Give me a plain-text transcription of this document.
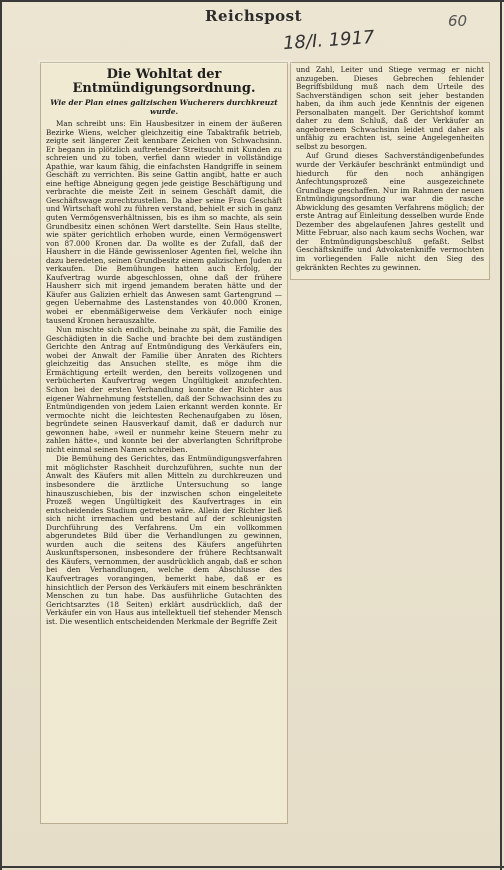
Reichspost
18/I. 1917
60
Die Wohltat der
Entmündigungsordnung.
Wie der Plan eines galizischen Wucherers durchkreuzt
wurde.

Man schreibt uns: Ein Hausbesitzer in einem der äußeren Bezirke Wiens, welcher gleichzeitig eine Tabaktrafik betrieb, zeigte seit längerer Zeit kennbare Zeichen von Schwachsinn. Er begann in plötzlich auftretender Streitsucht mit Kunden zu schreien und zu toben, verfiel dann wieder in vollständige Apathie, war kaum fähig, die einfachsten Handgriffe in seinem Geschäft zu verrichten. Bis seine Gattin angibt, hatte er auch eine heftige Abneigung gegen jede geistige Beschäftigung und verbrachte die meiste Zeit in seinem Geschäft damit, die Geschäftswage zurechtzustellen. Da aber seine Frau Geschäft und Wirtschaft wohl zu führen verstand, behielt er sich in ganz guten Vermögensverhältnissen, bis es ihm so machte, als sein Grundbesitz einen schönen Wert darstellte. Sein Haus stellte, wie später gerichtlich erhoben wurde, einen Vermögenswert von 87.000 Kronen dar. Da wollte es der Zufall, daß der Hausherr in die Hände gewissenloser Agenten fiel, welche ihn dazu beredeten, seinen Grundbesitz einem galizischen Juden zu verkaufen. Die Bemühungen hatten auch Erfolg, der Kaufvertrag wurde abgeschlossen, ohne daß der frühere Hausherr sich mit irgend jemandem beraten hätte und der Käufer aus Galizien erhielt das Anwesen samt Gartengrund — gegen Uebernahme des Lastenstandes von 40.000 Kronen, wobei er ebenmäßigerweise dem Verkäufer noch einige tausend Kronen herauszahlte.

Nun mischte sich endlich, beinahe zu spät, die Familie des Geschädigten in die Sache und brachte bei dem zuständigen Gerichte den Antrag auf Entmündigung des Verkäufers ein, wobei der Anwalt der Familie über Anraten des Richters gleichzeitig das Ansuchen stellte, es möge ihm die Ermächtigung erteilt werden, den bereits vollzogenen und verbücherten Kaufvertrag wegen Ungültigkeit anzufechten. Schon bei der ersten Verhandlung konnte der Richter aus eigener Wahrnehmung feststellen, daß der Schwachsinn des zu Entmündigenden von jedem Laien erkannt werden konnte. Er vermochte nicht die leichtesten Rechenaufgaben zu lösen, begründete seinen Hausverkauf damit, daß er dadurch nur gewonnen habe, »weil er nunmehr keine Steuern mehr zu zahlen hätte«, und konnte bei der abverlangten Schriftprobe nicht einmal seinen Namen schreiben.

Die Bemühung des Gerichtes, das Entmündigungsverfahren mit möglichster Raschheit durchzuführen, suchte nun der Anwalt des Käufers mit allen Mitteln zu durchkreuzen und insbesondere die ärztliche Untersuchung so lange hinauszuschieben, bis der inzwischen schon eingeleitete Prozeß wegen Ungültigkeit des Kaufvertrages in ein entscheidendes Stadium getreten wäre. Allein der Richter ließ sich nicht irremachen und bestand auf der schleunigsten Durchführung des Verfahrens. Um ein vollkommen abgerundetes Bild über die Verhandlungen zu gewinnen, wurden auch die seitens des Käufers angeführten Auskunftspersonen, insbesondere der frühere Rechtsanwalt des Käufers, vernommen, der ausdrücklich angab, daß er schon bei den Verhandlungen, welche dem Abschlusse des Kaufvertrages vorangingen, bemerkt habe, daß er es hinsichtlich der Person des Verkäufers mit einem beschränkten Menschen zu tun habe. Das ausführliche Gutachten des Gerichtsarztes (18 Seiten) erklärt ausdrücklich, daß der Verkäufer ein von Haus aus intellektuell tief stehender Mensch ist. Die wesentlich entscheidenden Merkmale der Begriffe Zeit

und Zahl, Leiter und Stiege vermag er nicht anzugeben. Dieses Gebrechen fehlender Begriffsbildung muß nach dem Urteile des Sachverständigen schon seit jeher bestanden haben, da ihm auch jede Kenntnis der eigenen Personalbaten mangelt. Der Gerichtshof kommt daher zu dem Schluß, daß der Verkäufer an angeborenem Schwachsinn leidet und daher als unfähig zu erachten ist, seine Angelegenheiten selbst zu besorgen.

Auf Grund dieses Sachverständigenbefundes wurde der Verkäufer beschränkt entmündigt und hiedurch für den noch anhängigen Anfechtungsprozeß eine ausgezeichnete Grundlage geschaffen. Nur im Rahmen der neuen Entmündigungsordnung war die rasche Abwicklung des gesamten Verfahrens möglich; der erste Antrag auf Einleitung desselben wurde Ende Dezember des abgelaufenen Jahres gestellt und Mitte Februar, also nach kaum sechs Wochen, war der Entmündigungsbeschluß gefaßt. Selbst Geschäftskniffe und Advokatenkniffe vermochten im vorliegenden Falle nicht den Sieg des gekränkten Rechtes zu gewinnen.
